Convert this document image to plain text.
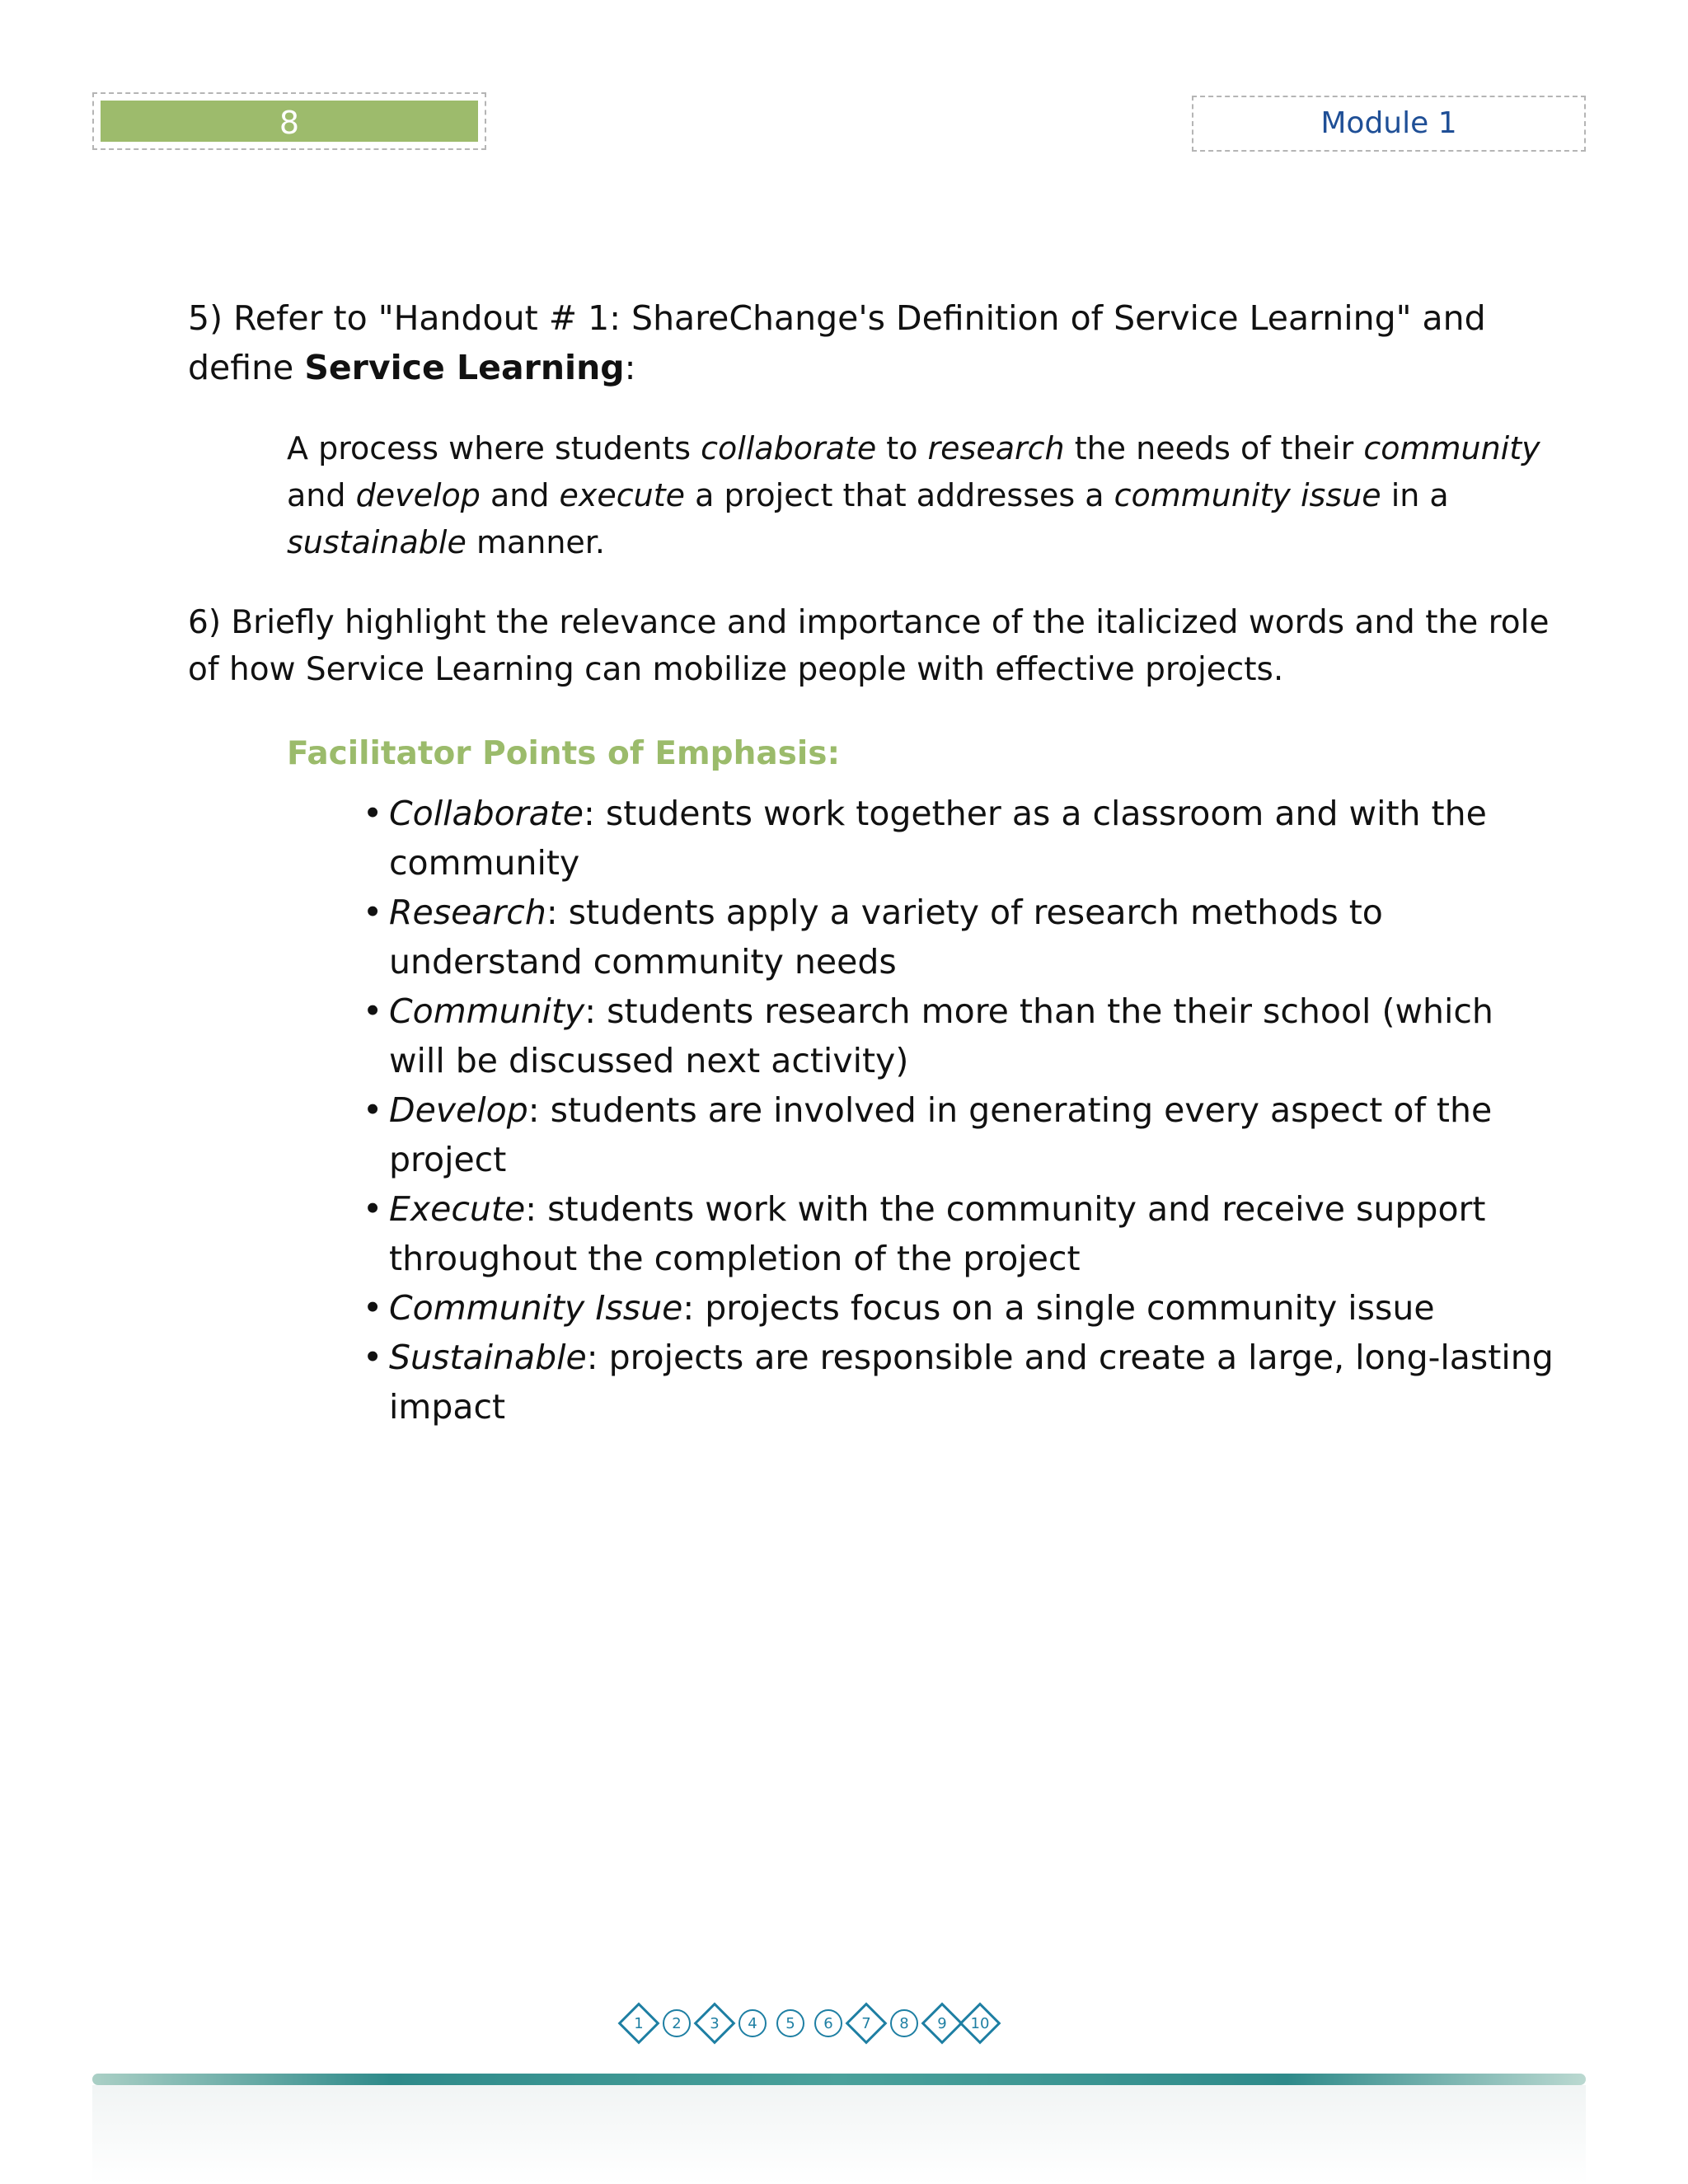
8	Module 1

5) Refer to "Handout # 1: ShareChange's Definition of Service Learning" and define Service Learning:

A process where students collaborate to research the needs of their community and develop and execute a project that addresses a community issue in a sustainable manner.

6) Briefly highlight the relevance and importance of the italicized words and the role of how Service Learning can mobilize people with effective projects.

Facilitator Points of Emphasis:
• Collaborate: students work together as a classroom and with the community
• Research: students apply a variety of research methods to understand community needs
• Community: students research more than the their school (which will be discussed next activity)
• Develop: students are involved in generating every aspect of the project
• Execute: students work with the community and receive support throughout the completion of the project
• Community Issue: projects focus on a single community issue
• Sustainable: projects are responsible and create a large, long-lasting impact
1 2 3 4 5 6 7 8 9 10
